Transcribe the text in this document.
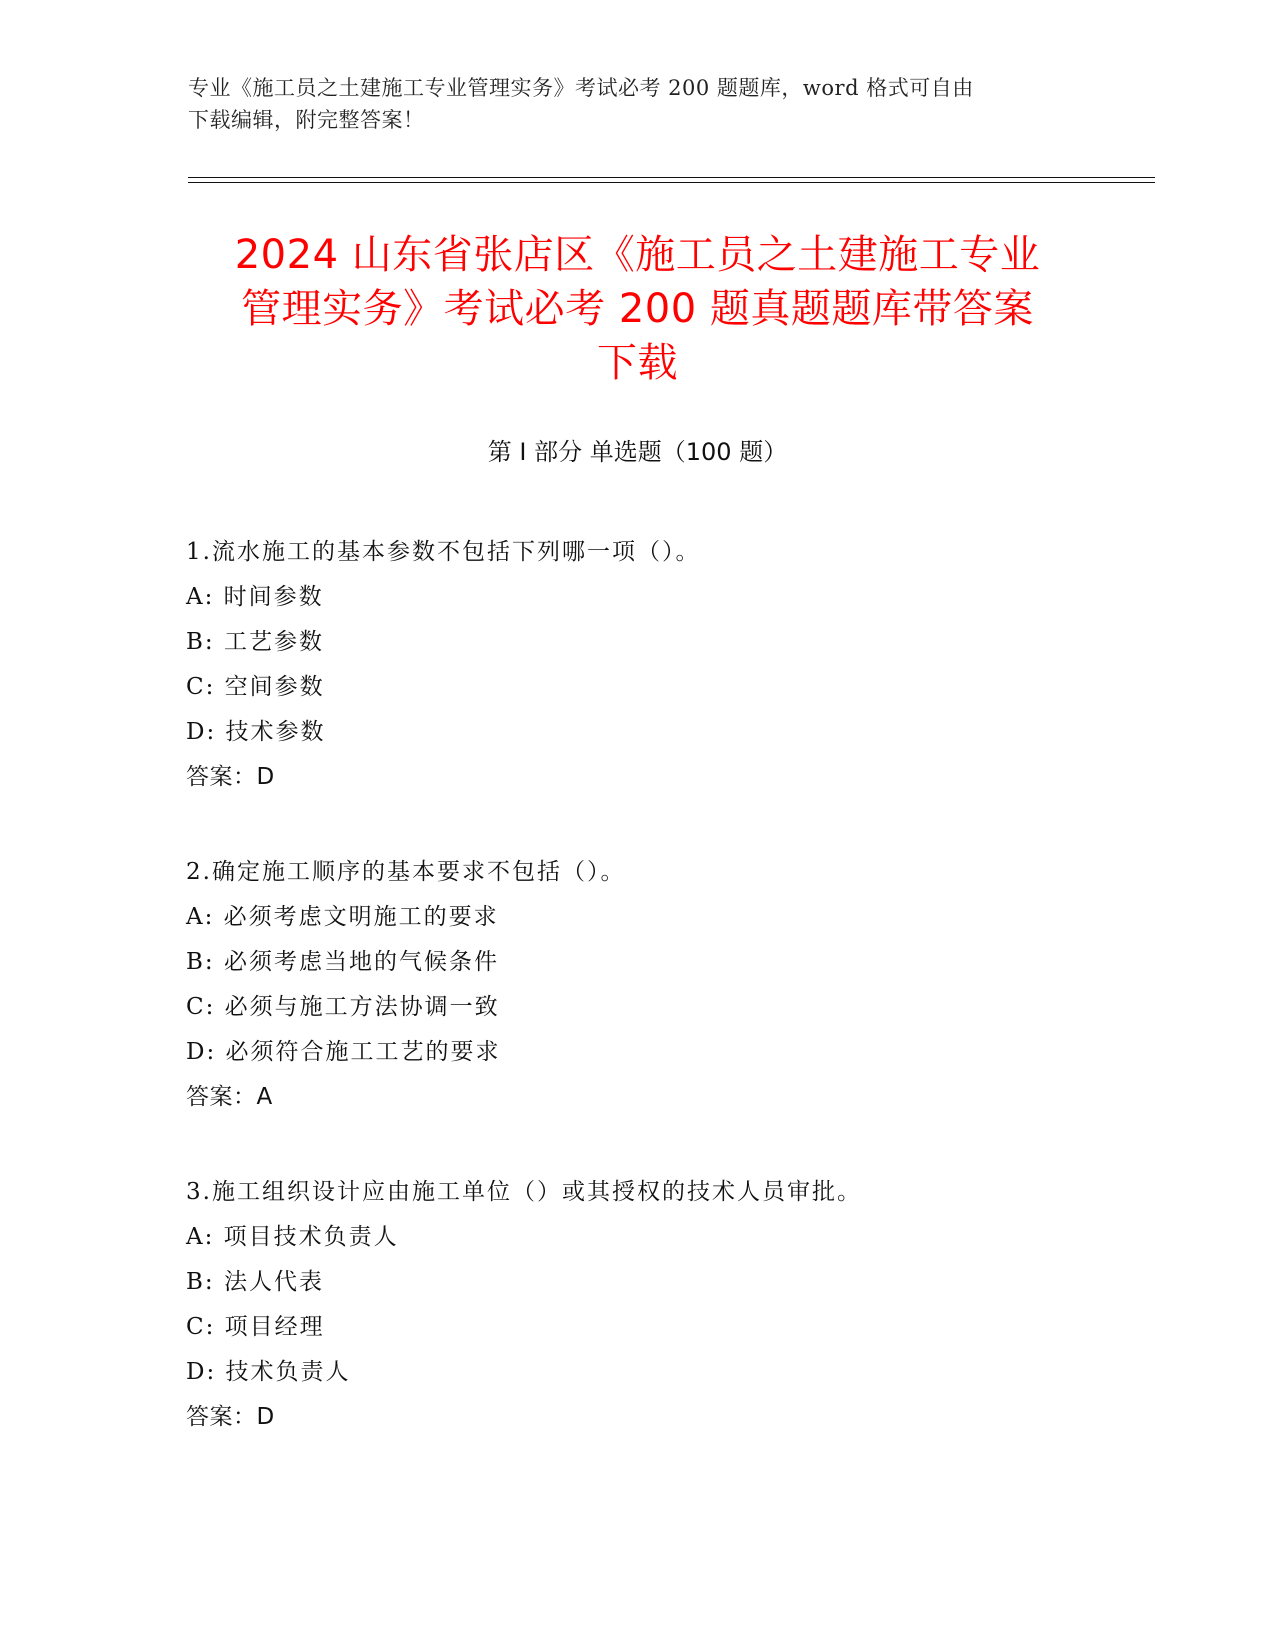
专业《施工员之土建施工专业管理实务》考试必考 200 题题库，word 格式可自由
下载编辑，附完整答案！
2024 山东省张店区《施工员之土建施工专业
管理实务》考试必考 200 题真题题库带答案
下载
第 I 部分 单选题（100 题）
1.流水施工的基本参数不包括下列哪一项（）。
A: 时间参数
B: 工艺参数
C: 空间参数
D: 技术参数
答案：D
2.确定施工顺序的基本要求不包括（）。
A: 必须考虑文明施工的要求
B: 必须考虑当地的气候条件
C: 必须与施工方法协调一致
D: 必须符合施工工艺的要求
答案：A
3.施工组织设计应由施工单位（）或其授权的技术人员审批。
A: 项目技术负责人
B: 法人代表
C: 项目经理
D: 技术负责人
答案：D
